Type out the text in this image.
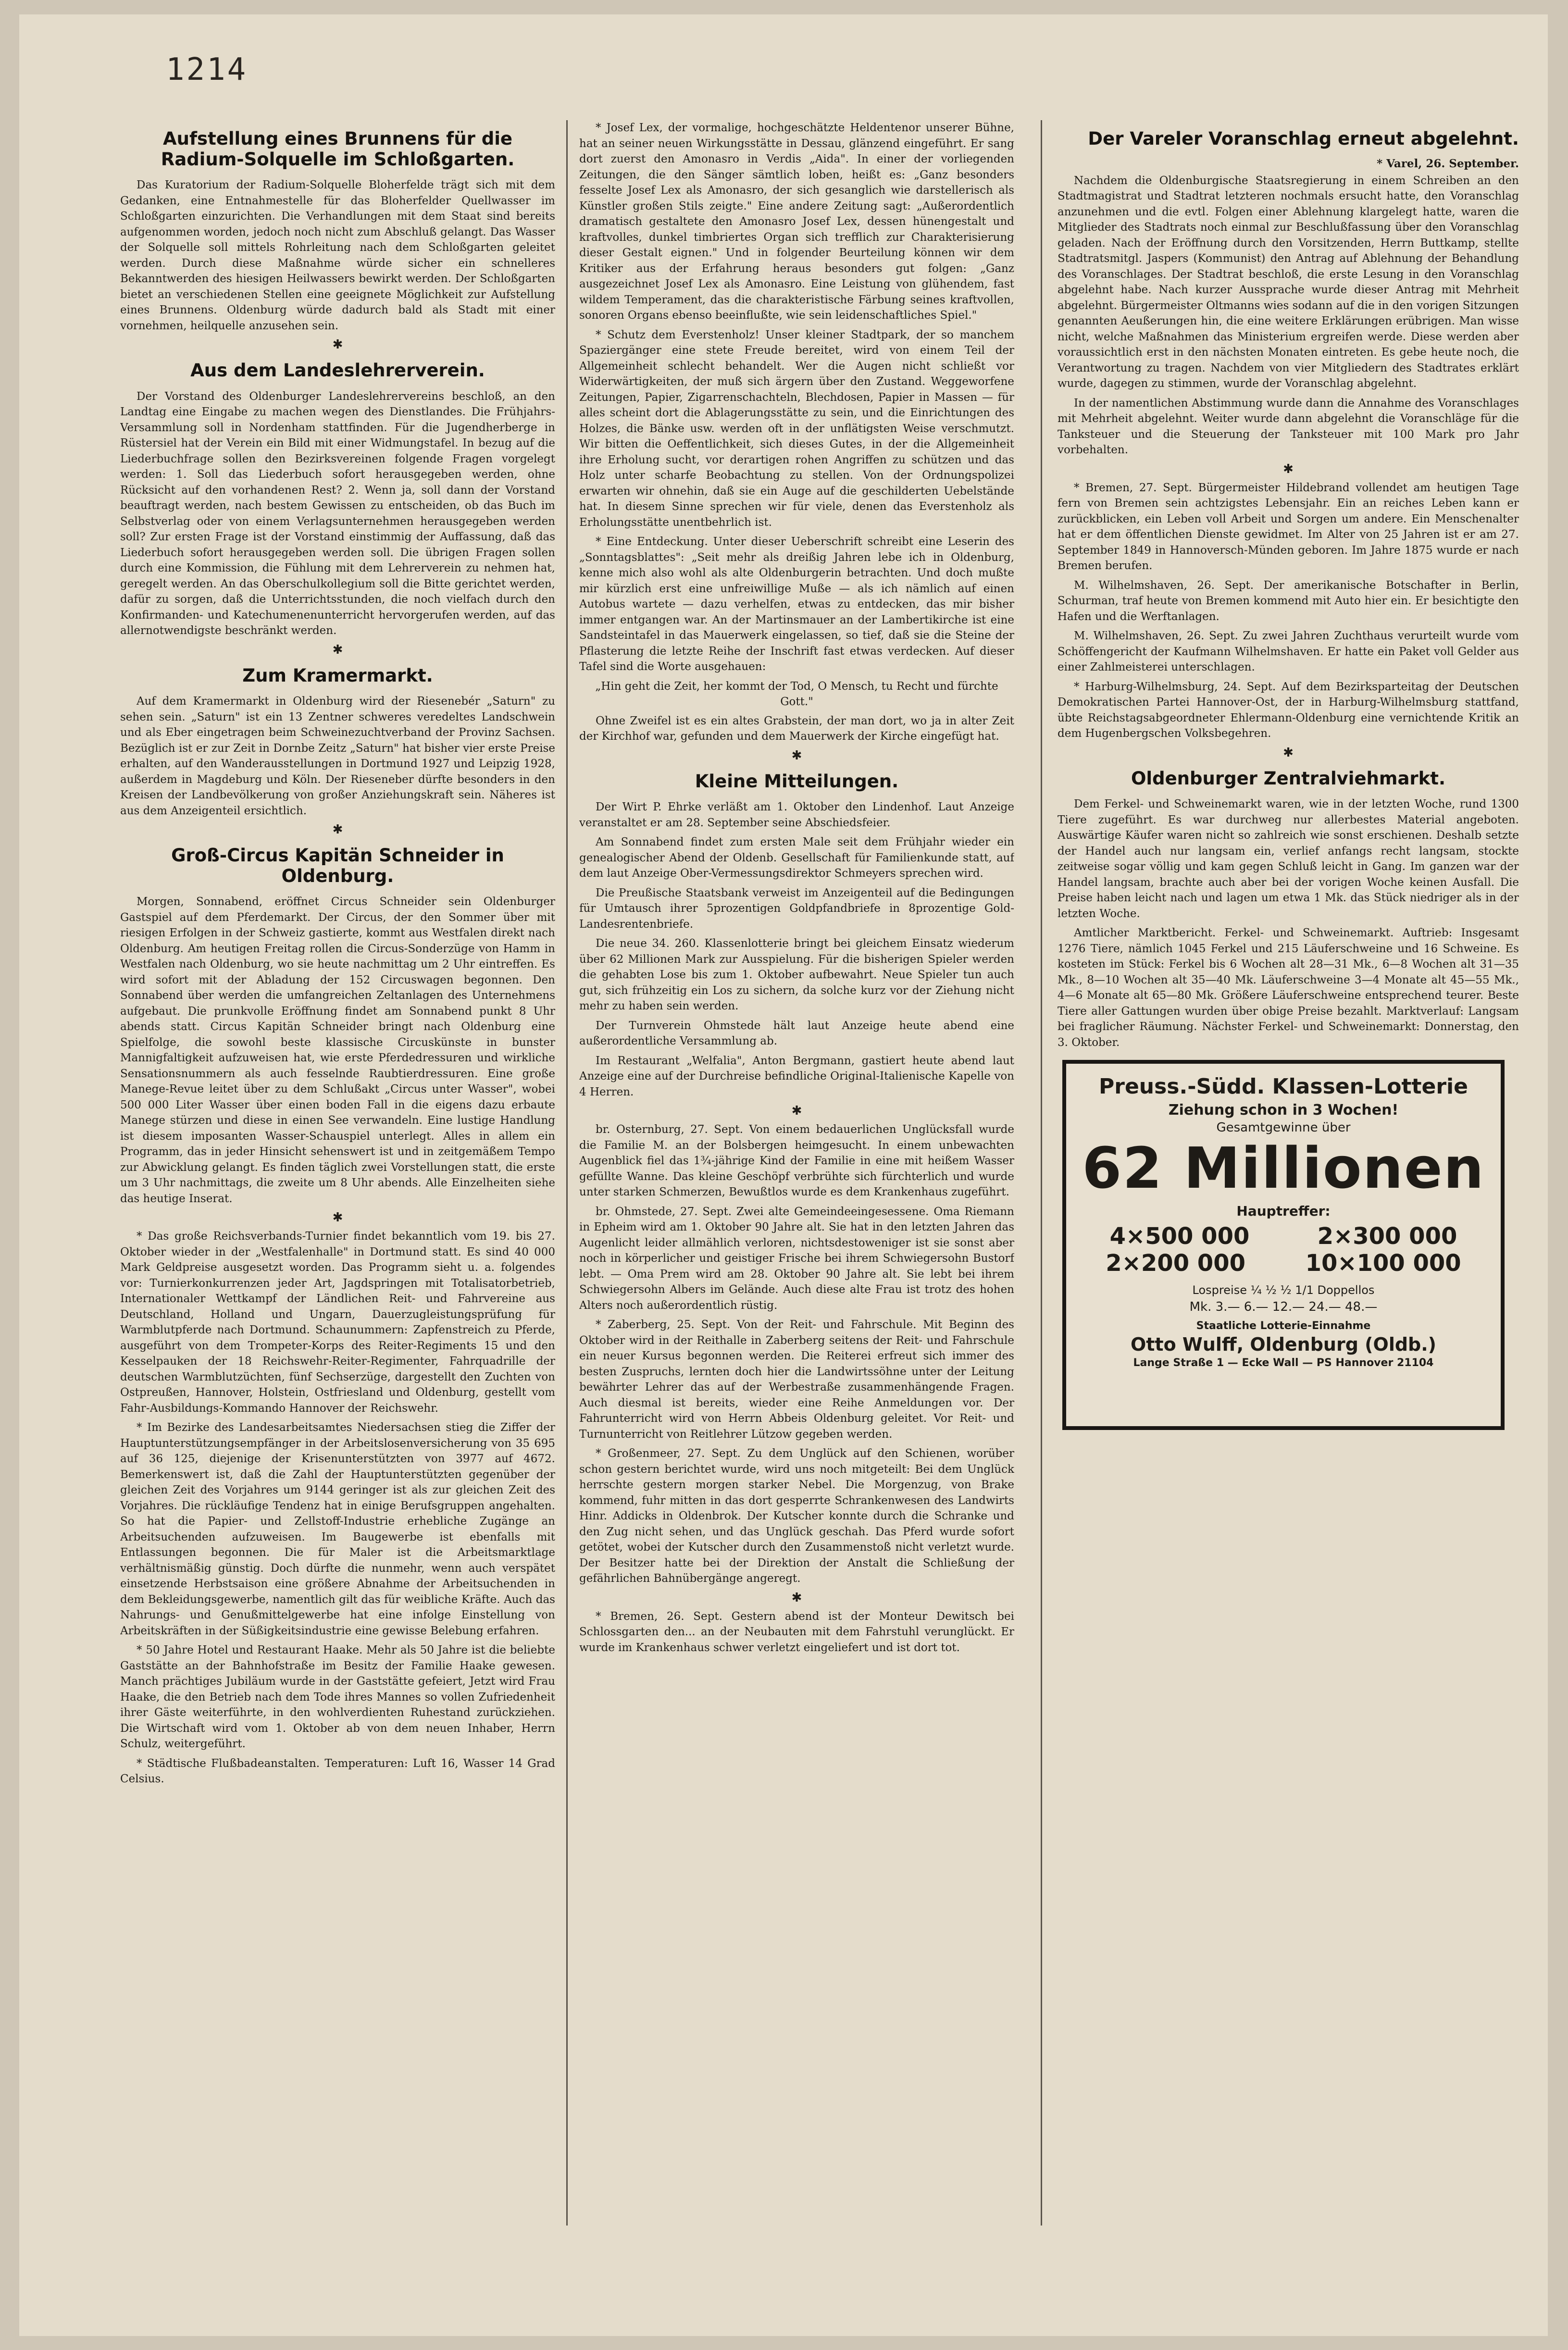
1214
Aufstellung eines Brunnens für die Radium-Solquelle im Schloßgarten.

Das Kuratorium der Radium-Solquelle Bloherfelde trägt sich mit dem Gedanken, eine Entnahmestelle für das Bloherfelder Quellwasser im Schloßgarten einzurichten. Die Verhandlungen mit dem Staat sind bereits aufgenommen worden, jedoch noch nicht zum Abschluß gelangt. Das Wasser der Solquelle soll mittels Rohrleitung nach dem Schloßgarten geleitet werden. Durch diese Maßnahme würde sicher ein schnelleres Bekanntwerden des hiesigen Heilwassers bewirkt werden. Der Schloßgarten bietet an verschiedenen Stellen eine geeignete Möglichkeit zur Aufstellung eines Brunnens. Oldenburg würde dadurch bald als Stadt mit einer vornehmen, heilquelle anzusehen sein.

✱
Aus dem Landeslehrerverein.

Der Vorstand des Oldenburger Landeslehrervereins beschloß, an den Landtag eine Eingabe zu machen wegen des Dienstlandes. Die Frühjahrs-Versammlung soll in Nordenham stattfinden. Für die Jugendherberge in Rüstersiel hat der Verein ein Bild mit einer Widmungstafel. In bezug auf die Liederbuchfrage sollen den Bezirksvereinen folgende Fragen vorgelegt werden: 1. Soll das Liederbuch sofort herausgegeben werden, ohne Rücksicht auf den vorhandenen Rest? 2. Wenn ja, soll dann der Vorstand beauftragt werden, nach bestem Gewissen zu entscheiden, ob das Buch im Selbstverlag oder von einem Verlagsunternehmen herausgegeben werden soll? Zur ersten Frage ist der Vorstand einstimmig der Auffassung, daß das Liederbuch sofort herausgegeben werden soll. Die übrigen Fragen sollen durch eine Kommission, die Fühlung mit dem Lehrerverein zu nehmen hat, geregelt werden. An das Oberschulkollegium soll die Bitte gerichtet werden, dafür zu sorgen, daß die Unterrichtsstunden, die noch vielfach durch den Konfirmanden- und Katechumenenunterricht hervorgerufen werden, auf das allernotwendigste beschränkt werden.

✱
Zum Kramermarkt.

Auf dem Kramermarkt in Oldenburg wird der Riesenebér „Saturn" zu sehen sein. „Saturn" ist ein 13 Zentner schweres veredeltes Landschwein und als Eber eingetragen beim Schweinezuchtverband der Provinz Sachsen. Bezüglich ist er zur Zeit in Dornbe Zeitz „Saturn" hat bisher vier erste Preise erhalten, auf den Wanderausstellungen in Dortmund 1927 und Leipzig 1928, außerdem in Magdeburg und Köln. Der Rieseneber dürfte besonders in den Kreisen der Landbevölkerung von großer Anziehungskraft sein. Näheres ist aus dem Anzeigenteil ersichtlich.

✱
Groß-Circus Kapitän Schneider in Oldenburg.

Morgen, Sonnabend, eröffnet Circus Schneider sein Oldenburger Gastspiel auf dem Pferdemarkt. Der Circus, der den Sommer über mit riesigen Erfolgen in der Schweiz gastierte, kommt aus Westfalen direkt nach Oldenburg. Am heutigen Freitag rollen die Circus-Sonderzüge von Hamm in Westfalen nach Oldenburg, wo sie heute nachmittag um 2 Uhr eintreffen. Es wird sofort mit der Abladung der 152 Circuswagen begonnen. Den Sonnabend über werden die umfangreichen Zeltanlagen des Unternehmens aufgebaut. Die prunkvolle Eröffnung findet am Sonnabend punkt 8 Uhr abends statt. Circus Kapitän Schneider bringt nach Oldenburg eine Spielfolge, die sowohl beste klassische Circuskünste in bunster Mannigfaltigkeit aufzuweisen hat, wie erste Pferdedressuren und wirkliche Sensationsnummern als auch fesselnde Raubtierdressuren. Eine große Manege-Revue leitet über zu dem Schlußakt „Circus unter Wasser", wobei 500 000 Liter Wasser über einen boden Fall in die eigens dazu erbaute Manege stürzen und diese in einen See verwandeln. Eine lustige Handlung ist diesem imposanten Wasser-Schauspiel unterlegt. Alles in allem ein Programm, das in jeder Hinsicht sehenswert ist und in zeitgemäßem Tempo zur Abwicklung gelangt. Es finden täglich zwei Vorstellungen statt, die erste um 3 Uhr nachmittags, die zweite um 8 Uhr abends. Alle Einzelheiten siehe das heutige Inserat.

✱

* Das große Reichsverbands-Turnier findet bekanntlich vom 19. bis 27. Oktober wieder in der „Westfalenhalle" in Dortmund statt. Es sind 40 000 Mark Geldpreise ausgesetzt worden. Das Programm sieht u. a. folgendes vor: Turnierkonkurrenzen jeder Art, Jagdspringen mit Totalisatorbetrieb, Internationaler Wettkampf der Ländlichen Reit- und Fahrvereine aus Deutschland, Holland und Ungarn, Dauerzugleistungsprüfung für Warmblutpferde nach Dortmund. Schaunummern: Zapfenstreich zu Pferde, ausgeführt von dem Trompeter-Korps des Reiter-Regiments 15 und den Kesselpauken der 18 Reichswehr-Reiter-Regimenter, Fahrquadrille der deutschen Warmblutzüchten, fünf Sechserzüge, dargestellt den Zuchten von Ostpreußen, Hannover, Holstein, Ostfriesland und Oldenburg, gestellt vom Fahr-Ausbildungs-Kommando Hannover der Reichswehr.

* Im Bezirke des Landesarbeitsamtes Niedersachsen stieg die Ziffer der Hauptunterstützungsempfänger in der Arbeitslosenversicherung von 35 695 auf 36 125, diejenige der Krisenunterstützten von 3977 auf 4672. Bemerkenswert ist, daß die Zahl der Hauptunterstützten gegenüber der gleichen Zeit des Vorjahres um 9144 geringer ist als zur gleichen Zeit des Vorjahres. Die rückläufige Tendenz hat in einige Berufsgruppen angehalten. So hat die Papier- und Zellstoff-Industrie erhebliche Zugänge an Arbeitsuchenden aufzuweisen. Im Baugewerbe ist ebenfalls mit Entlassungen begonnen. Die für Maler ist die Arbeitsmarktlage verhältnismäßig günstig. Doch dürfte die nunmehr, wenn auch verspätet einsetzende Herbstsaison eine größere Abnahme der Arbeitsuchenden in dem Bekleidungsgewerbe, namentlich gilt das für weibliche Kräfte. Auch das Nahrungs- und Genußmittelgewerbe hat eine infolge Einstellung von Arbeitskräften in der Süßigkeitsindustrie eine gewisse Belebung erfahren.

* 50 Jahre Hotel und Restaurant Haake. Mehr als 50 Jahre ist die beliebte Gaststätte an der Bahnhofstraße im Besitz der Familie Haake gewesen. Manch prächtiges Jubiläum wurde in der Gaststätte gefeiert, Jetzt wird Frau Haake, die den Betrieb nach dem Tode ihres Mannes so vollen Zufriedenheit ihrer Gäste weiterführte, in den wohlverdienten Ruhestand zurückziehen. Die Wirtschaft wird vom 1. Oktober ab von dem neuen Inhaber, Herrn Schulz, weitergeführt.

* Städtische Flußbadeanstalten. Temperaturen: Luft 16, Wasser 14 Grad Celsius.

* Josef Lex, der vormalige, hochgeschätzte Heldentenor unserer Bühne, hat an seiner neuen Wirkungsstätte in Dessau, glänzend eingeführt. Er sang dort zuerst den Amonasro in Verdis „Aida". In einer der vorliegenden Zeitungen, die den Sänger sämtlich loben, heißt es: „Ganz besonders fesselte Josef Lex als Amonasro, der sich gesanglich wie darstellerisch als Künstler großen Stils zeigte." Eine andere Zeitung sagt: „Außerordentlich dramatisch gestaltete den Amonasro Josef Lex, dessen hünengestalt und kraftvolles, dunkel timbriertes Organ sich trefflich zur Charakterisierung dieser Gestalt eignen." Und in folgender Beurteilung können wir dem Kritiker aus der Erfahrung heraus besonders gut folgen: „Ganz ausgezeichnet Josef Lex als Amonasro. Eine Leistung von glühendem, fast wildem Temperament, das die charakteristische Färbung seines kraftvollen, sonoren Organs ebenso beeinflußte, wie sein leidenschaftliches Spiel."

* Schutz dem Everstenholz! Unser kleiner Stadtpark, der so manchem Spaziergänger eine stete Freude bereitet, wird von einem Teil der Allgemeinheit schlecht behandelt. Wer die Augen nicht schließt vor Widerwärtigkeiten, der muß sich ärgern über den Zustand. Weggeworfene Zeitungen, Papier, Zigarrenschachteln, Blechdosen, Papier in Massen — für alles scheint dort die Ablagerungsstätte zu sein, und die Einrichtungen des Holzes, die Bänke usw. werden oft in der unflätigsten Weise verschmutzt. Wir bitten die Oeffentlichkeit, sich dieses Gutes, in der die Allgemeinheit ihre Erholung sucht, vor derartigen rohen Angriffen zu schützen und das Holz unter scharfe Beobachtung zu stellen. Von der Ordnungspolizei erwarten wir ohnehin, daß sie ein Auge auf die geschilderten Uebelstände hat. In diesem Sinne sprechen wir für viele, denen das Everstenholz als Erholungsstätte unentbehrlich ist.

* Eine Entdeckung. Unter dieser Ueberschrift schreibt eine Leserin des „Sonntagsblattes": „Seit mehr als dreißig Jahren lebe ich in Oldenburg, kenne mich also wohl als alte Oldenburgerin betrachten. Und doch mußte mir kürzlich erst eine unfreiwillige Muße — als ich nämlich auf einen Autobus wartete — dazu verhelfen, etwas zu entdecken, das mir bisher immer entgangen war. An der Martinsmauer an der Lambertikirche ist eine Sandsteintafel in das Mauerwerk eingelassen, so tief, daß sie die Steine der Pflasterung die letzte Reihe der Inschrift fast etwas verdecken. Auf dieser Tafel sind die Worte ausgehauen:

„Hin geht die Zeit, her kommt der Tod, O Mensch, tu Recht und fürchte Gott."

Ohne Zweifel ist es ein altes Grabstein, der man dort, wo ja in alter Zeit der Kirchhof war, gefunden und dem Mauerwerk der Kirche eingefügt hat.

✱
Kleine Mitteilungen.

Der Wirt P. Ehrke verläßt am 1. Oktober den Lindenhof. Laut Anzeige veranstaltet er am 28. September seine Abschiedsfeier.

Am Sonnabend findet zum ersten Male seit dem Frühjahr wieder ein genealogischer Abend der Oldenb. Gesellschaft für Familienkunde statt, auf dem laut Anzeige Ober-Vermessungsdirektor Schmeyers sprechen wird.

Die Preußische Staatsbank verweist im Anzeigenteil auf die Bedingungen für Umtausch ihrer 5prozentigen Goldpfandbriefe in 8prozentige Gold-Landesrentenbriefe.

Die neue 34. 260. Klassenlotterie bringt bei gleichem Einsatz wiederum über 62 Millionen Mark zur Ausspielung. Für die bisherigen Spieler werden die gehabten Lose bis zum 1. Oktober aufbewahrt. Neue Spieler tun auch gut, sich frühzeitig ein Los zu sichern, da solche kurz vor der Ziehung nicht mehr zu haben sein werden.

Der Turnverein Ohmstede hält laut Anzeige heute abend eine außerordentliche Versammlung ab.

Im Restaurant „Welfalia", Anton Bergmann, gastiert heute abend laut Anzeige eine auf der Durchreise befindliche Original-Italienische Kapelle von 4 Herren.

✱

br. Osternburg, 27. Sept. Von einem bedauerlichen Unglücksfall wurde die Familie M. an der Bolsbergen heimgesucht. In einem unbewachten Augenblick fiel das 1¾-jährige Kind der Familie in eine mit heißem Wasser gefüllte Wanne. Das kleine Geschöpf verbrühte sich fürchterlich und wurde unter starken Schmerzen, Bewußtlos wurde es dem Krankenhaus zugeführt.

br. Ohmstede, 27. Sept. Zwei alte Gemeindeeingesessene. Oma Riemann in Epheim wird am 1. Oktober 90 Jahre alt. Sie hat in den letzten Jahren das Augenlicht leider allmählich verloren, nichtsdestoweniger ist sie sonst aber noch in körperlicher und geistiger Frische bei ihrem Schwiegersohn Bustorf lebt. — Oma Prem wird am 28. Oktober 90 Jahre alt. Sie lebt bei ihrem Schwiegersohn Albers im Gelände. Auch diese alte Frau ist trotz des hohen Alters noch außerordentlich rüstig.

* Zaberberg, 25. Sept. Von der Reit- und Fahrschule. Mit Beginn des Oktober wird in der Reithalle in Zaberberg seitens der Reit- und Fahrschule ein neuer Kursus begonnen werden. Die Reiterei erfreut sich immer des besten Zuspruchs, lernten doch hier die Landwirtssöhne unter der Leitung bewährter Lehrer das auf der Werbestraße zusammenhängende Fragen. Auch diesmal ist bereits, wieder eine Reihe Anmeldungen vor. Der Fahrunterricht wird von Herrn Abbeis Oldenburg geleitet. Vor Reit- und Turnunterricht von Reitlehrer Lützow gegeben werden.

* Großenmeer, 27. Sept. Zu dem Unglück auf den Schienen, worüber schon gestern berichtet wurde, wird uns noch mitgeteilt: Bei dem Unglück herrschte gestern morgen starker Nebel. Die Morgenzug, von Brake kommend, fuhr mitten in das dort gesperrte Schrankenwesen des Landwirts Hinr. Addicks in Oldenbrok. Der Kutscher konnte durch die Schranke und den Zug nicht sehen, und das Unglück geschah. Das Pferd wurde sofort getötet, wobei der Kutscher durch den Zusammenstoß nicht verletzt wurde. Der Besitzer hatte bei der Direktion der Anstalt die Schließung der gefährlichen Bahnübergänge angeregt.

✱

* Bremen, 26. Sept. Gestern abend ist der Monteur Dewitsch bei Schlossgarten den... an der Neubauten mit dem Fahrstuhl verunglückt. Er wurde im Krankenhaus schwer verletzt eingeliefert und ist dort tot.

Der Vareler Voranschlag erneut abgelehnt.
* Varel, 26. September.

Nachdem die Oldenburgische Staatsregierung in einem Schreiben an den Stadtmagistrat und Stadtrat letzteren nochmals ersucht hatte, den Voranschlag anzunehmen und die evtl. Folgen einer Ablehnung klargelegt hatte, waren die Mitglieder des Stadtrats noch einmal zur Beschlußfassung über den Voranschlag geladen. Nach der Eröffnung durch den Vorsitzenden, Herrn Buttkamp, stellte Stadtratsmitgl. Jaspers (Kommunist) den Antrag auf Ablehnung der Behandlung des Voranschlages. Der Stadtrat beschloß, die erste Lesung in den Voranschlag abgelehnt habe. Nach kurzer Aussprache wurde dieser Antrag mit Mehrheit abgelehnt. Bürgermeister Oltmanns wies sodann auf die in den vorigen Sitzungen genannten Aeußerungen hin, die eine weitere Erklärungen erübrigen. Man wisse nicht, welche Maßnahmen das Ministerium ergreifen werde. Diese werden aber voraussichtlich erst in den nächsten Monaten eintreten. Es gebe heute noch, die Verantwortung zu tragen. Nachdem von vier Mitgliedern des Stadtrates erklärt wurde, dagegen zu stimmen, wurde der Voranschlag abgelehnt.

In der namentlichen Abstimmung wurde dann die Annahme des Voranschlages mit Mehrheit abgelehnt. Weiter wurde dann abgelehnt die Voranschläge für die Tanksteuer und die Steuerung der Tanksteuer mit 100 Mark pro Jahr vorbehalten.

✱

* Bremen, 27. Sept. Bürgermeister Hildebrand vollendet am heutigen Tage fern von Bremen sein achtzigstes Lebensjahr. Ein an reiches Leben kann er zurückblicken, ein Leben voll Arbeit und Sorgen um andere. Ein Menschenalter hat er dem öffentlichen Dienste gewidmet. Im Alter von 25 Jahren ist er am 27. September 1849 in Hannoversch-Münden geboren. Im Jahre 1875 wurde er nach Bremen berufen.

M. Wilhelmshaven, 26. Sept. Der amerikanische Botschafter in Berlin, Schurman, traf heute von Bremen kommend mit Auto hier ein. Er besichtigte den Hafen und die Werftanlagen.

M. Wilhelmshaven, 26. Sept. Zu zwei Jahren Zuchthaus verurteilt wurde vom Schöffengericht der Kaufmann Wilhelmshaven. Er hatte ein Paket voll Gelder aus einer Zahlmeisterei unterschlagen.

* Harburg-Wilhelmsburg, 24. Sept. Auf dem Bezirksparteitag der Deutschen Demokratischen Partei Hannover-Ost, der in Harburg-Wilhelmsburg stattfand, übte Reichstagsabgeordneter Ehlermann-Oldenburg eine vernichtende Kritik an dem Hugenbergschen Volksbegehren.

✱
Oldenburger Zentralviehmarkt.

Dem Ferkel- und Schweinemarkt waren, wie in der letzten Woche, rund 1300 Tiere zugeführt. Es war durchweg nur allerbestes Material angeboten. Auswärtige Käufer waren nicht so zahlreich wie sonst erschienen. Deshalb setzte der Handel auch nur langsam ein, verlief anfangs recht langsam, stockte zeitweise sogar völlig und kam gegen Schluß leicht in Gang. Im ganzen war der Handel langsam, brachte auch aber bei der vorigen Woche keinen Ausfall. Die Preise haben leicht nach und lagen um etwa 1 Mk. das Stück niedriger als in der letzten Woche.

Amtlicher Marktbericht. Ferkel- und Schweinemarkt. Auftrieb: Insgesamt 1276 Tiere, nämlich 1045 Ferkel und 215 Läuferschweine und 16 Schweine. Es kosteten im Stück: Ferkel bis 6 Wochen alt 28—31 Mk., 6—8 Wochen alt 31—35 Mk., 8—10 Wochen alt 35—40 Mk. Läuferschweine 3—4 Monate alt 45—55 Mk., 4—6 Monate alt 65—80 Mk. Größere Läuferschweine entsprechend teurer. Beste Tiere aller Gattungen wurden über obige Preise bezahlt. Marktverlauf: Langsam bei fraglicher Räumung. Nächster Ferkel- und Schweinemarkt: Donnerstag, den 3. Oktober.

Preuss.-Südd. Klassen-Lotterie
Ziehung schon in 3 Wochen!
Gesamtgewinne über
62 Millionen
Hauptreffer:
4×500 000	2×300 000
2×200 000	10×100 000
Lospreise ¼ ½ ½ 1/1 Doppellos
Mk. 3.— 6.— 12.— 24.— 48.—
Staatliche Lotterie-Einnahme
Otto Wulff, Oldenburg (Oldb.)
Lange Straße 1 — Ecke Wall — PS Hannover 21104
